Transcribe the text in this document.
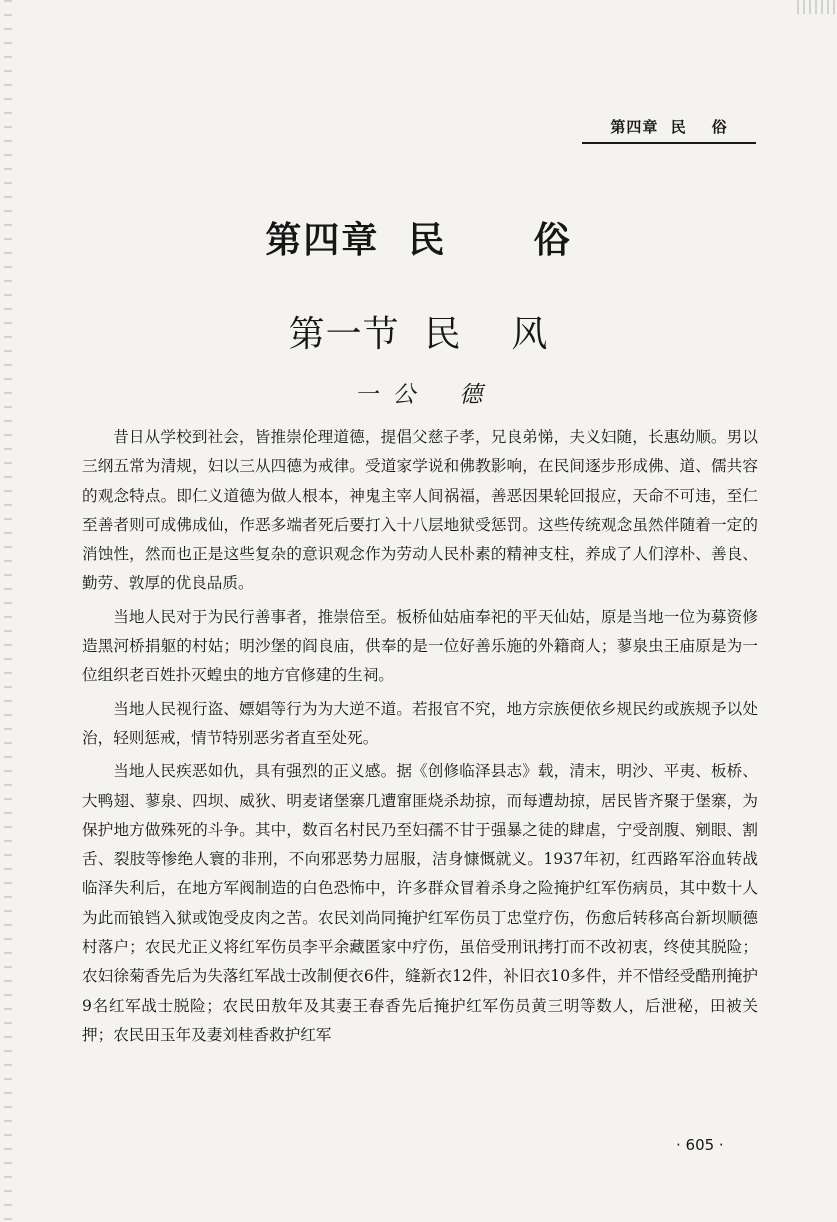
第四章  民    俗
第四章  民      俗
第一节  民    风
一  公      德

昔日从学校到社会，皆推崇伦理道德，提倡父慈子孝，兄良弟悌，夫义妇随，长惠幼顺。男以三纲五常为清规，妇以三从四德为戒律。受道家学说和佛教影响，在民间逐步形成佛、道、儒共容的观念特点。即仁义道德为做人根本，神鬼主宰人间祸福，善恶因果轮回报应，天命不可违，至仁至善者则可成佛成仙，作恶多端者死后要打入十八层地狱受惩罚。这些传统观念虽然伴随着一定的消蚀性，然而也正是这些复杂的意识观念作为劳动人民朴素的精神支柱，养成了人们淳朴、善良、勤劳、敦厚的优良品质。

当地人民对于为民行善事者，推崇倍至。板桥仙姑庙奉祀的平天仙姑，原是当地一位为募资修造黑河桥捐躯的村姑；明沙堡的阎良庙，供奉的是一位好善乐施的外籍商人；蓼泉虫王庙原是为一位组织老百姓扑灭蝗虫的地方官修建的生祠。

当地人民视行盗、嫖娼等行为为大逆不道。若报官不究，地方宗族便依乡规民约或族规予以处治，轻则惩戒，情节特别恶劣者直至处死。

当地人民疾恶如仇，具有强烈的正义感。据《创修临泽县志》载，清末，明沙、平夷、板桥、大鸭翅、蓼泉、四坝、威狄、明麦诸堡寨几遭窜匪烧杀劫掠，而每遭劫掠，居民皆齐聚于堡寨，为保护地方做殊死的斗争。其中，数百名村民乃至妇孺不甘于强暴之徒的肆虐，宁受剖腹、剜眼、割舌、裂肢等惨绝人寰的非刑，不向邪恶势力屈服，洁身慷慨就义。1937年初，红西路军浴血转战临泽失利后，在地方军阀制造的白色恐怖中，许多群众冒着杀身之险掩护红军伤病员，其中数十人为此而锒铛入狱或饱受皮肉之苦。农民刘尚同掩护红军伤员丁忠堂疗伤，伤愈后转移高台新坝顺德村落户；农民尤正义将红军伤员李平余藏匿家中疗伤，虽倍受刑讯拷打而不改初衷，终使其脱险；农妇徐菊香先后为失落红军战士改制便衣6件，缝新衣12件，补旧衣10多件，并不惜经受酷刑掩护9名红军战士脱险；农民田敖年及其妻王春香先后掩护红军伤员黄三明等数人，后泄秘，田被关押；农民田玉年及妻刘桂香救护红军

· 605 ·
